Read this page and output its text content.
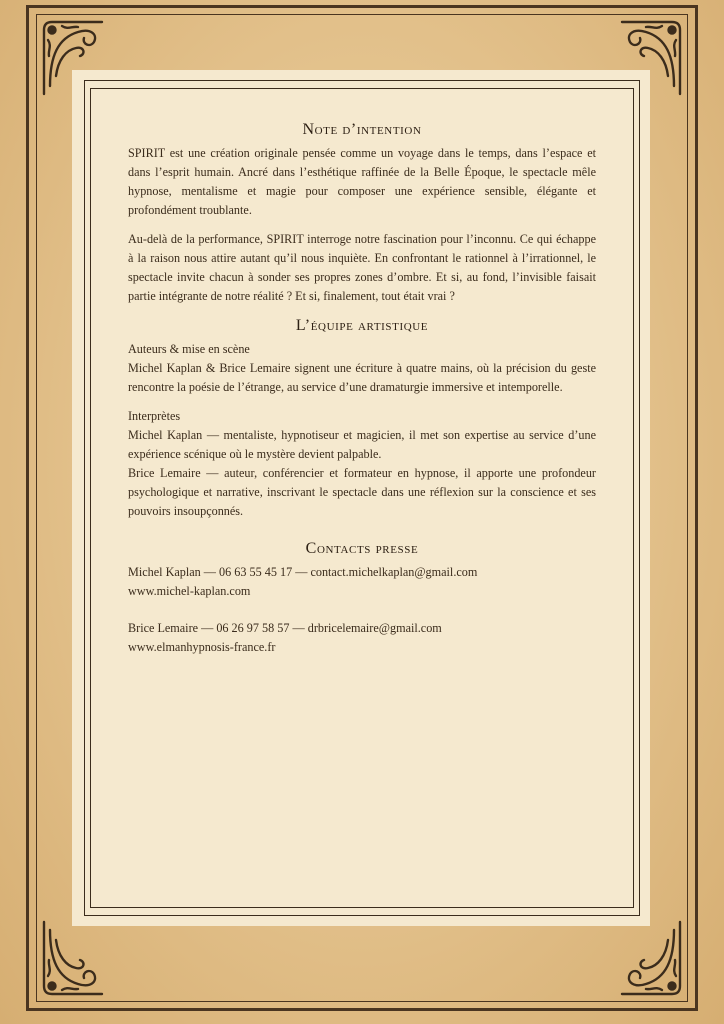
Note d’intention

SPIRIT est une création originale pensée comme un voyage dans le temps, dans l’espace et dans l’esprit humain. Ancré dans l’esthétique raffinée de la Belle Époque, le spectacle mêle hypnose, mentalisme et magie pour composer une expérience sensible, élégante et profondément troublante.

Au-delà de la performance, SPIRIT interroge notre fascination pour l’inconnu. Ce qui échappe à la raison nous attire autant qu’il nous inquiète. En confrontant le rationnel à l’irrationnel, le spectacle invite chacun à sonder ses propres zones d’ombre. Et si, au fond, l’invisible faisait partie intégrante de notre réalité ? Et si, finalement, tout était vrai ?

L’équipe artistique
Auteurs & mise en scène

Michel Kaplan & Brice Lemaire signent une écriture à quatre mains, où la précision du geste rencontre la poésie de l’étrange, au service d’une dramaturgie immersive et intemporelle.

Interprètes

Michel Kaplan — mentaliste, hypnotiseur et magicien, il met son expertise au service d’une expérience scénique où le mystère devient palpable.

Brice Lemaire — auteur, conférencier et formateur en hypnose, il apporte une profondeur psychologique et narrative, inscrivant le spectacle dans une réflexion sur la conscience et ses pouvoirs insoupçonnés.

Contacts presse
Michel Kaplan — 06 63 55 45 17 — contact.michelkaplan@gmail.com
www.michel-kaplan.com
Brice Lemaire — 06 26 97 58 57 — drbricelemaire@gmail.com
www.elmanhypnosis-france.fr
